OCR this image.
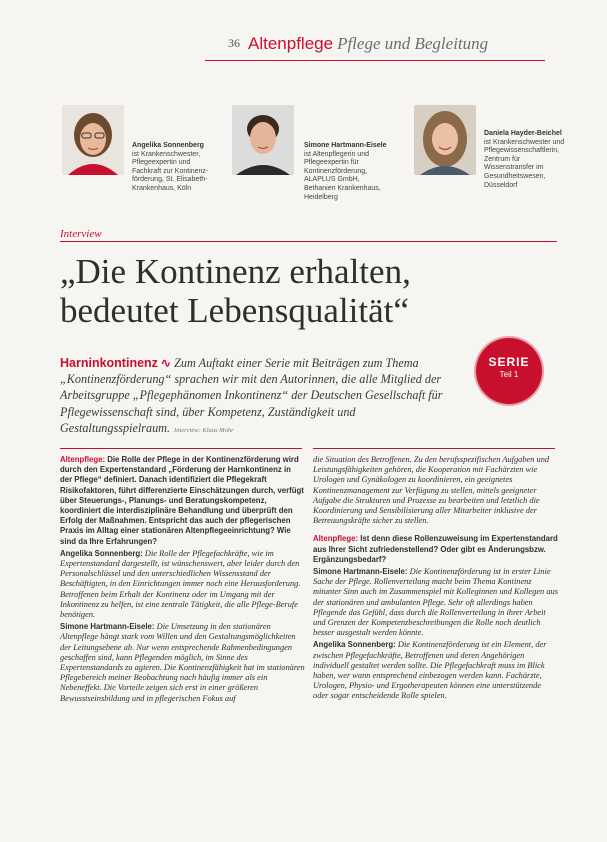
36 Altenpflege Pflege und Begleitung
Angelika Sonnenberg
ist Krankenschwester, Pflegeexpertin und Fachkraft zur Kontinenz-förderung, St. Elisabeth-Krankenhaus, Köln
Simone Hartmann-Eisele
ist Altenpflegerin und Pflegeexpertin für Kontinenzförderung, ALAPLUS GmbH, Bethanien Krankenhaus, Heidelberg
Daniela Hayder-Beichel
ist Krankenschwester und Pflegewissenschaftlerin, Zentrum für Wissenstransfer im Gesundheitswesen, Düsseldorf
Interview
„Die Kontinenz erhalten, bedeutet Lebensqualität“
Harninkontinenz ∿ Zum Auftakt einer Serie mit Beiträgen zum Thema „Kontinenzförderung“ sprachen wir mit den Autorinnen, die alle Mitglied der Arbeitsgruppe „Pflegephänomen Inkontinenz“ der Deutschen Gesellschaft für Pflegewissenschaft sind, über Kompetenz, Zuständigkeit und Gestaltungsspielraum. Interview: Klaus Mohr
SERIE
Teil 1

Altenpflege: Die Rolle der Pflege in der Kontinenzförderung wird durch den Expertenstandard „Förderung der Harnkontinenz in der Pflege“ definiert. Danach identifiziert die Pflegekraft Risikofaktoren, führt differenzierte Einschätzungen durch, verfügt über Steuerungs-, Planungs- und Beratungskompetenz, koordiniert die interdisziplinäre Behandlung und überprüft den Erfolg der Maßnahmen. Entspricht das auch der pflegerischen Praxis im Alltag einer stationären Altenpflegeeinrichtung? Wie sind da Ihre Erfahrungen?

Angelika Sonnenberg: Die Rolle der Pflegefachkräfte, wie im Expertenstandard dargestellt, ist wünschenswert, aber leider durch den Personalschlüssel und den unterschiedlichen Wissensstand der Beschäftigten, in den Einrichtungen immer noch eine Herausforderung. Betroffenen beim Erhalt der Kontinenz oder im Umgang mit der Inkontinenz zu helfen, ist eine zentrale Tätigkeit, die alle Pflege-Berufe benötigen.

Simone Hartmann-Eisele: Die Umsetzung in den stationären Altenpflege hängt stark vom Willen und den Gestaltungsmöglichkeiten der Leitungsebene ab. Nur wenn entsprechende Rahmenbedingungen geschaffen sind, kann Pflegenden möglich, im Sinne des Expertenstandards zu agieren. Die Kontinenzfähigkeit hat im stationären Pflegebereich meiner Beobachtung nach häufig immer als ein Nebeneffekt. Die Vorteile zeigen sich erst in einer größeren Bewusstseinsbildung und in pflegerischen Fokus auf

die Situation des Betroffenen. Zu den berufsspezifischen Aufgaben und Leistungsfähigkeiten gehören, die Kooperation mit Fachärzten wie Urologen und Gynäkologen zu koordinieren, ein geeignetes Kontinenzmanagement zur Verfügung zu stellen, mittels geeigneter Aufgabe die Strukturen und Prozesse zu bearbeiten und letztlich die Koordinierung und Sensibilisierung aller Mitarbeiter inklusive der Betreuungskräfte sicher zu stellen.

Altenpflege: Ist denn diese Rollenzuweisung im Expertenstandard aus Ihrer Sicht zufriedenstellend? Oder gibt es Änderungsbzw. Ergänzungsbedarf?

Simone Hartmann-Eisele: Die Kontinenzförderung ist in erster Linie Sache der Pflege. Rollenverteilung macht beim Thema Kontinenz mitunter Sinn auch im Zusammenspiel mit Kolleginnen und Kollegen aus der stationären und ambulanten Pflege. Sehr oft allerdings haben Pflegende das Gefühl, dass durch die Rollenverteilung in ihrer Arbeit und Grenzen der Kompetenzbeschreibungen die Rolle noch deutlich besser ausgestalt werden könnte.

Angelika Sonnenberg: Die Kontinenzförderung ist ein Element, der zwischen Pflegefachkräfte, Betroffenen und deren Angehörigen individuell gestaltet werden sollte. Die Pflegefachkraft muss im Blick haben, wer wann entsprechend einbezogen werden kann. Fachärzte, Urologen, Physio- und Ergotherapeuten können eine unterstützende oder sogar entscheidende Rolle spielen.
